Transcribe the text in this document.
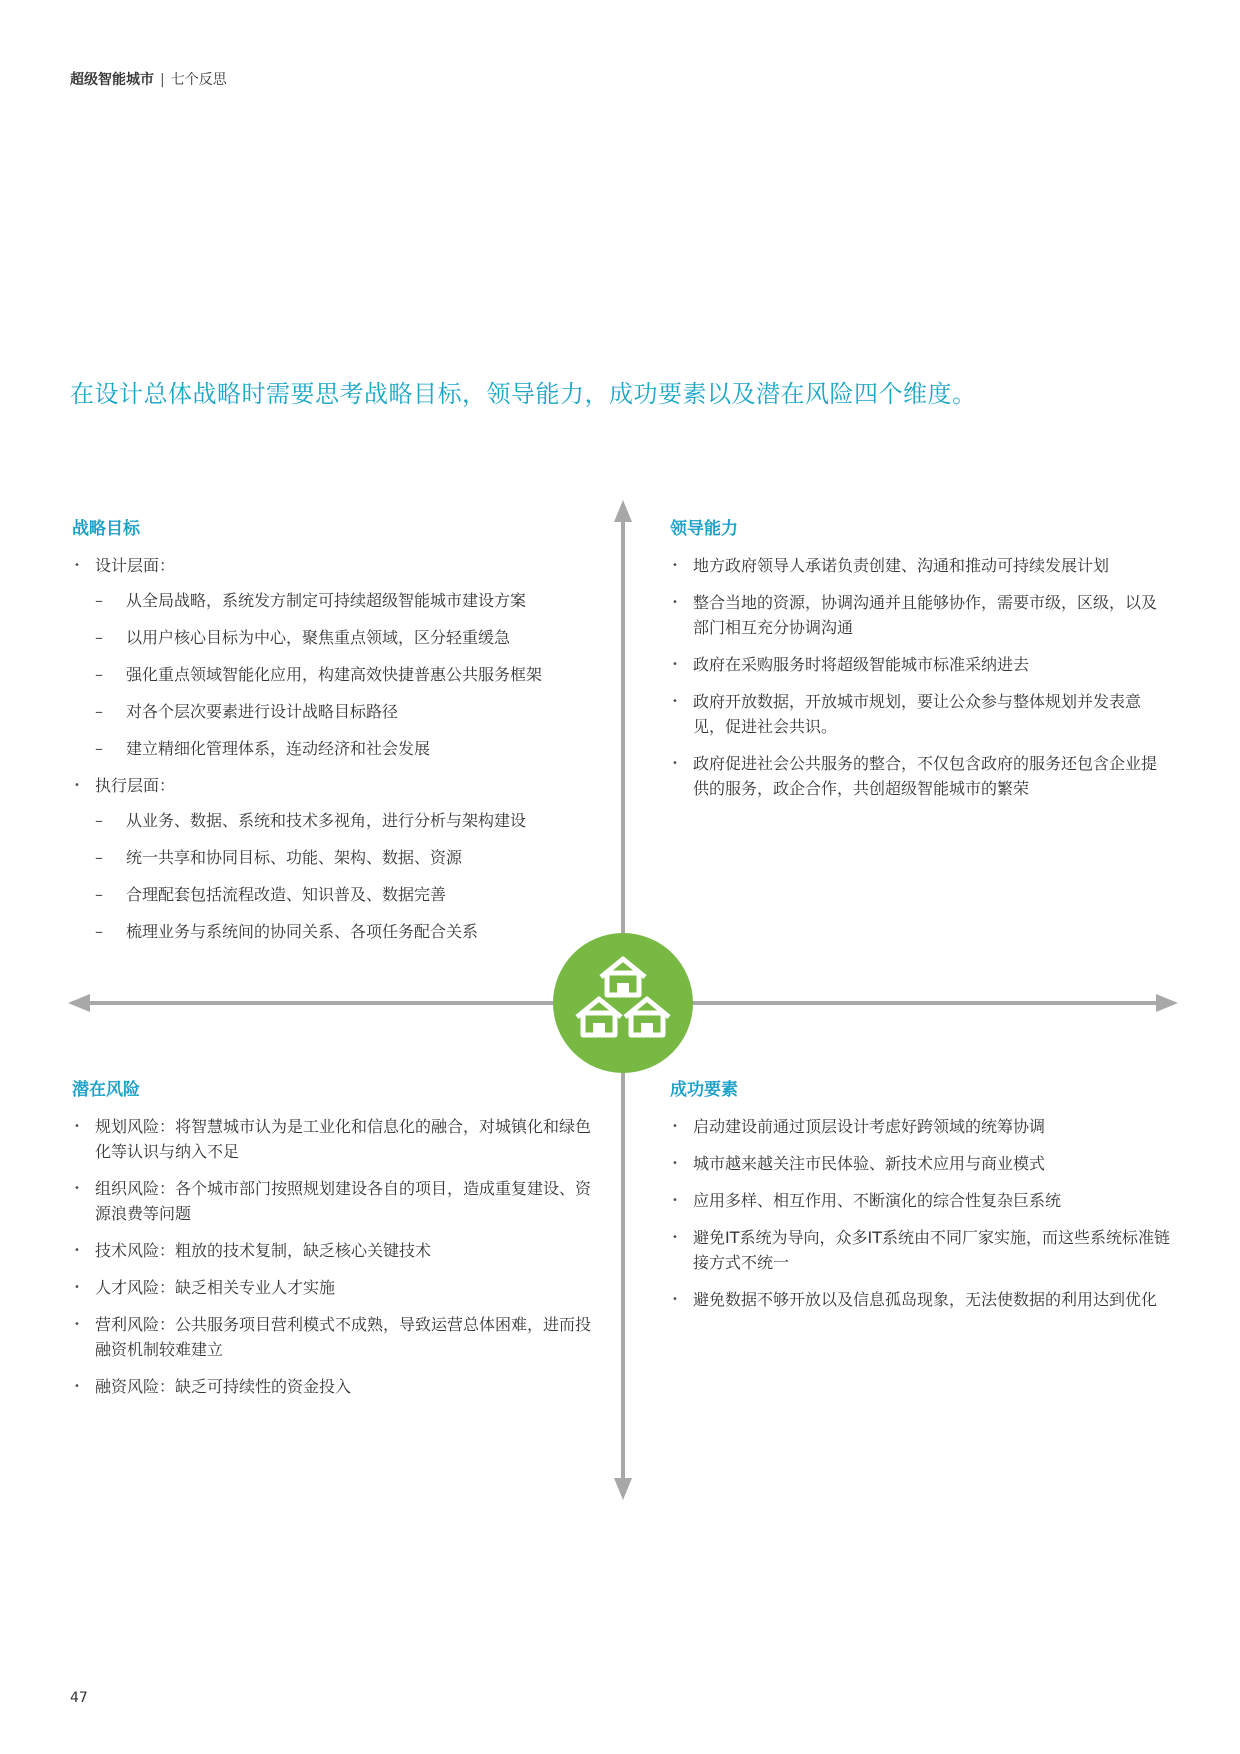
超级智能城市 | 七个反思
在设计总体战略时需要思考战略目标，领导能力，成功要素以及潜在风险四个维度。
战略目标
• 设计层面：
– 从全局战略，系统发方制定可持续超级智能城市建设方案
– 以用户核心目标为中心，聚焦重点领域，区分轻重缓急
– 强化重点领域智能化应用，构建高效快捷普惠公共服务框架
– 对各个层次要素进行设计战略目标路径
– 建立精细化管理体系，连动经济和社会发展
• 执行层面：
– 从业务、数据、系统和技术多视角，进行分析与架构建设
– 统一共享和协同目标、功能、架构、数据、资源
– 合理配套包括流程改造、知识普及、数据完善
– 梳理业务与系统间的协同关系、各项任务配合关系
领导能力
• 地方政府领导人承诺负责创建、沟通和推动可持续发展计划
• 整合当地的资源，协调沟通并且能够协作，需要市级，区级，以及部门相互充分协调沟通
• 政府在采购服务时将超级智能城市标准采纳进去
• 政府开放数据，开放城市规划，要让公众参与整体规划并发表意见，促进社会共识。
• 政府促进社会公共服务的整合，不仅包含政府的服务还包含企业提供的服务，政企合作，共创超级智能城市的繁荣
潜在风险
• 规划风险：将智慧城市认为是工业化和信息化的融合，对城镇化和绿色化等认识与纳入不足
• 组织风险：各个城市部门按照规划建设各自的项目，造成重复建设、资源浪费等问题
• 技术风险：粗放的技术复制，缺乏核心关键技术
• 人才风险：缺乏相关专业人才实施
• 营利风险：公共服务项目营利模式不成熟，导致运营总体困难，进而投融资机制较难建立
• 融资风险：缺乏可持续性的资金投入
成功要素
• 启动建设前通过顶层设计考虑好跨领域的统筹协调
• 城市越来越关注市民体验、新技术应用与商业模式
• 应用多样、相互作用、不断演化的综合性复杂巨系统
• 避免IT系统为导向，众多IT系统由不同厂家实施，而这些系统标准链接方式不统一
• 避免数据不够开放以及信息孤岛现象，无法使数据的利用达到优化
47
